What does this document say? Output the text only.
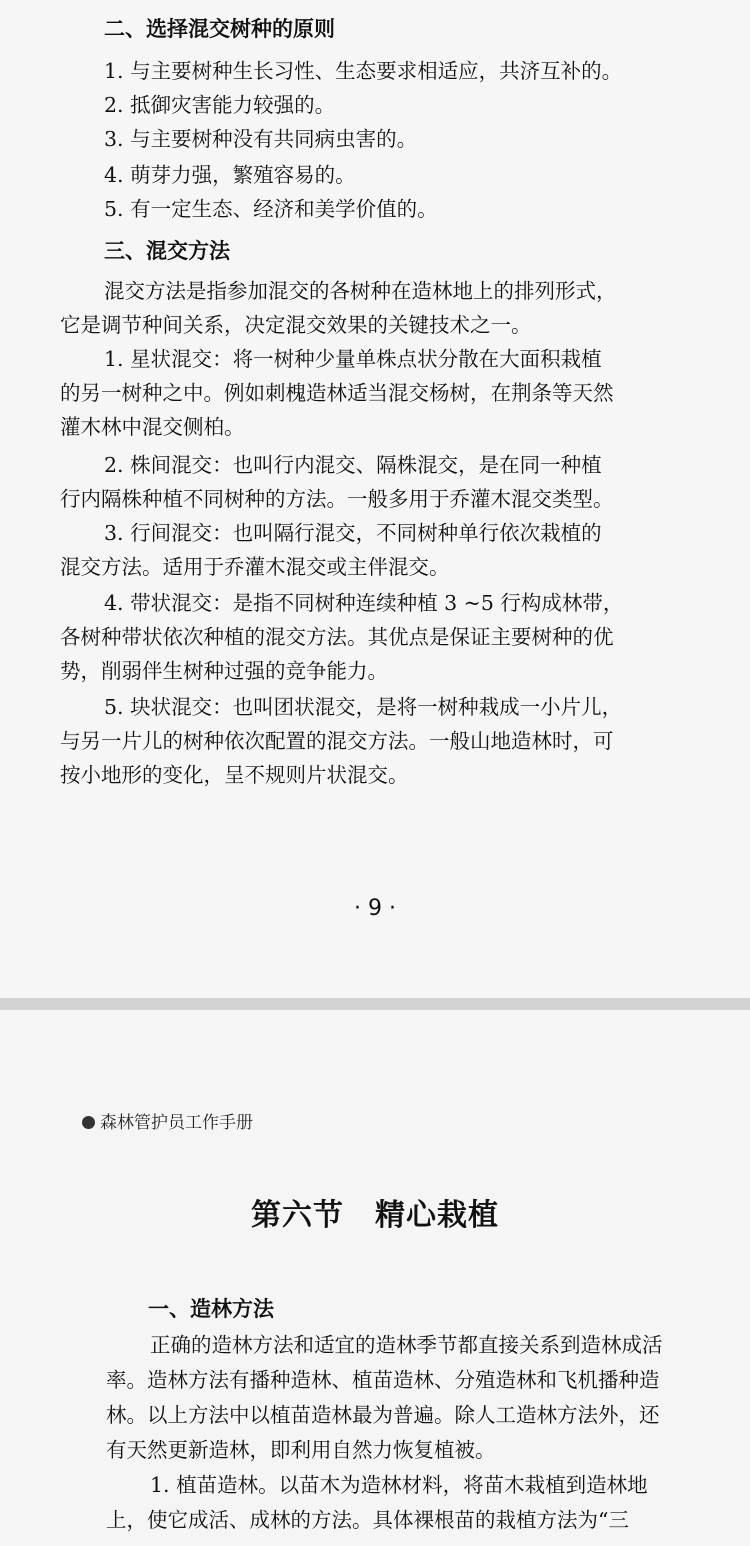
二、选择混交树种的原则
1. 与主要树种生长习性、生态要求相适应，共济互补的。
2. 抵御灾害能力较强的。
3. 与主要树种没有共同病虫害的。
4. 萌芽力强，繁殖容易的。
5. 有一定生态、经济和美学价值的。
三、混交方法
混交方法是指参加混交的各树种在造林地上的排列形式，
它是调节种间关系，决定混交效果的关键技术之一。
1. 星状混交：将一树种少量单株点状分散在大面积栽植
的另一树种之中。例如刺槐造林适当混交杨树，在荆条等天然
灌木林中混交侧柏。
2. 株间混交：也叫行内混交、隔株混交，是在同一种植
行内隔株种植不同树种的方法。一般多用于乔灌木混交类型。
3. 行间混交：也叫隔行混交，不同树种单行依次栽植的
混交方法。适用于乔灌木混交或主伴混交。
4. 带状混交：是指不同树种连续种植 3 ~5 行构成林带，
各树种带状依次种植的混交方法。其优点是保证主要树种的优
势，削弱伴生树种过强的竞争能力。
5. 块状混交：也叫团状混交，是将一树种栽成一小片儿，
与另一片儿的树种依次配置的混交方法。一般山地造林时，可
按小地形的变化，呈不规则片状混交。
· 9 ·
森林管护员工作手册
第六节　精心栽植
一、造林方法
正确的造林方法和适宜的造林季节都直接关系到造林成活
率。造林方法有播种造林、植苗造林、分殖造林和飞机播种造
林。以上方法中以植苗造林最为普遍。除人工造林方法外，还
有天然更新造林，即利用自然力恢复植被。
1. 植苗造林。以苗木为造林材料，将苗木栽植到造林地
上，使它成活、成林的方法。具体裸根苗的栽植方法为“三
